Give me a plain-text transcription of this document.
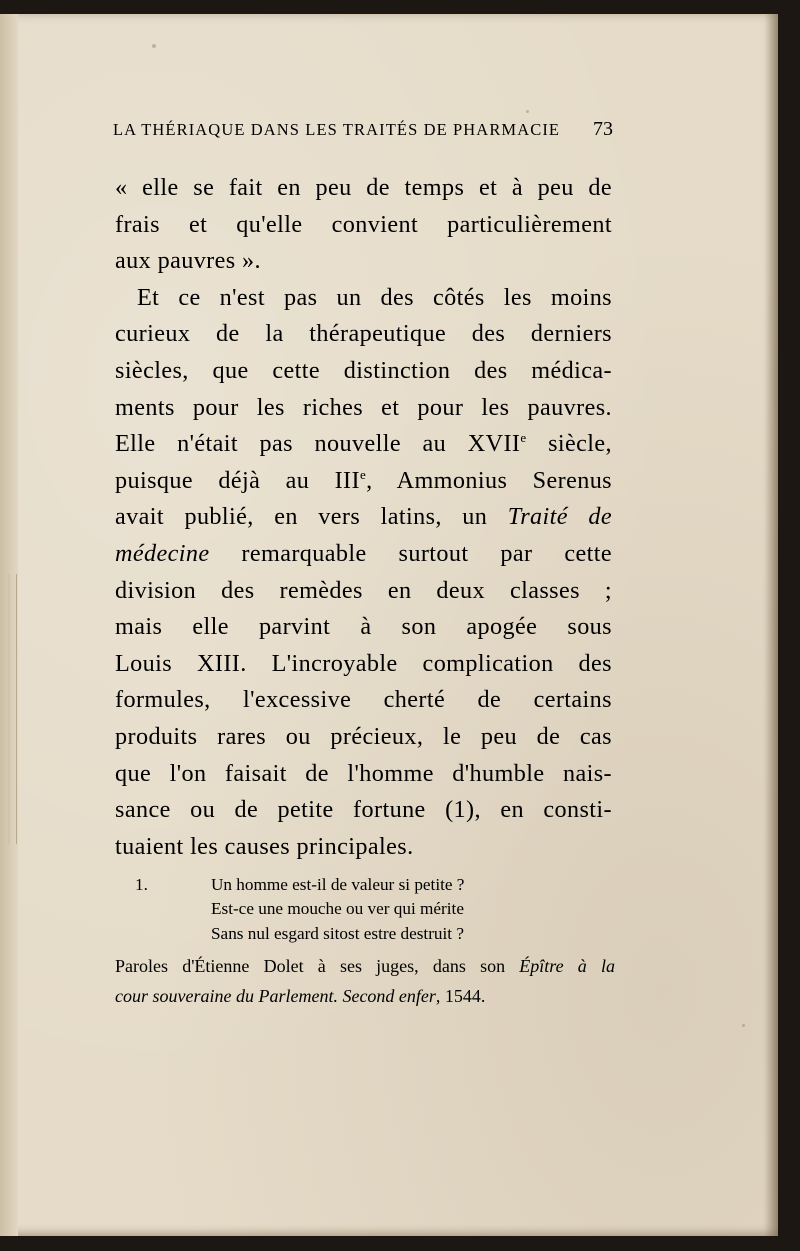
LA THÉRIAQUE DANS LES TRAITÉS DE PHARMACIE 73
« elle se fait en peu de temps et à peu de
frais et qu'elle convient particulièrement
aux pauvres ».
Et ce n'est pas un des côtés les moins
curieux de la thérapeutique des derniers
siècles, que cette distinction des médica-
ments pour les riches et pour les pauvres.
Elle n'était pas nouvelle au XVIIe siècle,
puisque déjà au IIIe, Ammonius Serenus
avait publié, en vers latins, un Traité de
médecine remarquable surtout par cette
division des remèdes en deux classes ;
mais elle parvint à son apogée sous
Louis XIII. L'incroyable complication des
formules, l'excessive cherté de certains
produits rares ou précieux, le peu de cas
que l'on faisait de l'homme d'humble nais-
sance ou de petite fortune (1), en consti-
tuaient les causes principales.
1.	Un homme est-il de valeur si petite ?
Est-ce une mouche ou ver qui mérite
Sans nul esgard sitost estre destruit ?
Paroles d'Étienne Dolet à ses juges, dans son Épître à la
cour souveraine du Parlement. Second enfer, 1544.
